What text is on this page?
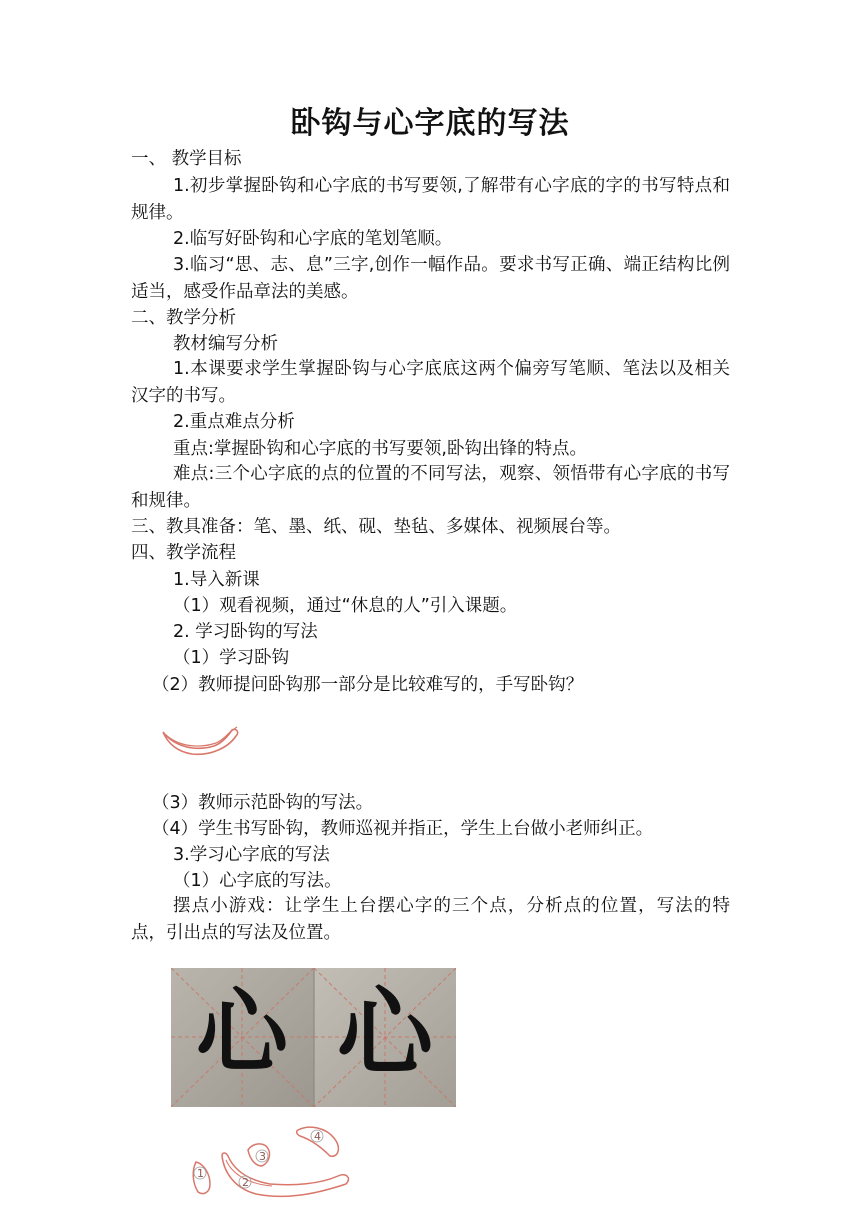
卧钩与心字底的写法
一、 教学目标
1.初步掌握卧钩和心字底的书写要领,了解带有心字底的字的书写特点和规律。
2.临写好卧钩和心字底的笔划笔顺。
3.临习“思、志、息”三字,创作一幅作品。要求书写正确、端正结构比例适当，感受作品章法的美感。
二、教学分析
教材编写分析
1.本课要求学生掌握卧钩与心字底底这两个偏旁写笔顺、笔法以及相关汉字的书写。
2.重点难点分析
重点:掌握卧钩和心字底的书写要领,卧钩出锋的特点。
难点:三个心字底的点的位置的不同写法，观察、领悟带有心字底的书写和规律。
三、教具准备：笔、墨、纸、砚、垫毡、多媒体、视频展台等。
四、教学流程
1.导入新课
（1）观看视频，通过“休息的人”引入课题。
2. 学习卧钩的写法
（1）学习卧钩
（2）教师提问卧钩那一部分是比较难写的，手写卧钩？
（3）教师示范卧钩的写法。
（4）学生书写卧钩，教师巡视并指正，学生上台做小老师纠正。
3.学习心字底的写法
（1）心字底的写法。
摆点小游戏：让学生上台摆心字的三个点，分析点的位置，写法的特点，引出点的写法及位置。
心 心
1
2
3
4
